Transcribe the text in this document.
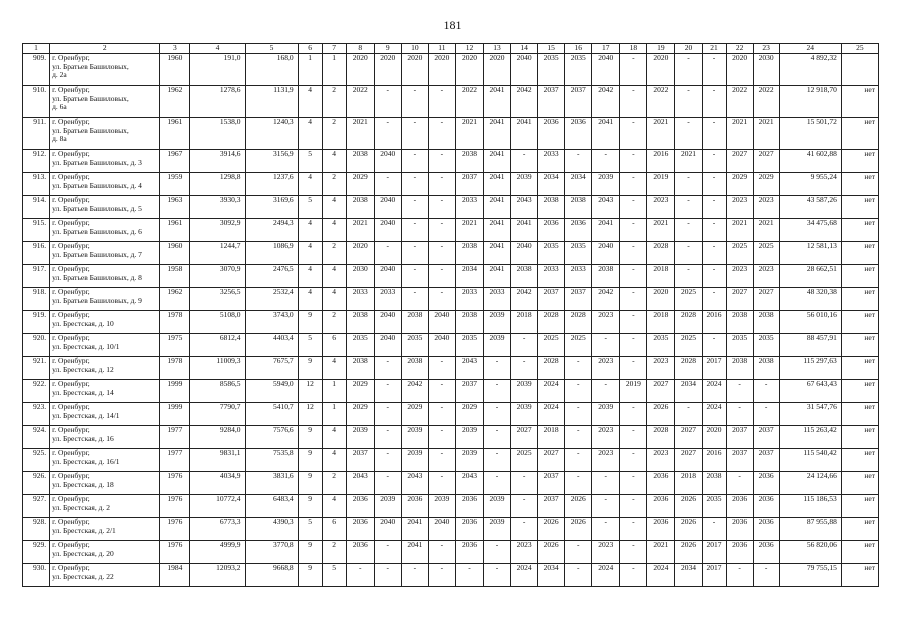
181
1	2	3	4	5	6	7	8	9	10	11	12	13	14	15	16	17	18	19	20	21	22	23	24	25
909.	г. Оренбург,
ул. Братьев Башиловых,
д. 2а	1960	191,0	168,0	1	1	2020	2020	2020	2020	2020	2020	2040	2035	2035	2040	-	2020	-	-	2020	2030	4 892,32	
910.	г. Оренбург,
ул. Братьев Башиловых,
д. 6а	1962	1278,6	1131,9	4	2	2022	-	-	-	2022	2041	2042	2037	2037	2042	-	2022	-	-	2022	2022	12 918,70	нет
911.	г. Оренбург,
ул. Братьев Башиловых,
д. 8а	1961	1538,0	1240,3	4	2	2021	-	-	-	2021	2041	2041	2036	2036	2041	-	2021	-	-	2021	2021	15 501,72	нет
912.	г. Оренбург,
ул. Братьев Башиловых, д. 3	1967	3914,6	3156,9	5	4	2038	2040	-	-	2038	2041	-	2033	-	-	-	2016	2021	-	2027	2027	41 602,88	нет
913.	г. Оренбург,
ул. Братьев Башиловых, д. 4	1959	1298,8	1237,6	4	2	2029	-	-	-	2037	2041	2039	2034	2034	2039	-	2019	-	-	2029	2029	9 955,24	нет
914.	г. Оренбург,
ул. Братьев Башиловых, д. 5	1963	3930,3	3169,6	5	4	2038	2040	-	-	2033	2041	2043	2038	2038	2043	-	2023	-	-	2023	2023	43 587,26	нет
915.	г. Оренбург,
ул. Братьев Башиловых, д. 6	1961	3092,9	2494,3	4	4	2021	2040	-	-	2021	2041	2041	2036	2036	2041	-	2021	-	-	2021	2021	34 475,68	нет
916.	г. Оренбург,
ул. Братьев Башиловых, д. 7	1960	1244,7	1086,9	4	2	2020	-	-	-	2038	2041	2040	2035	2035	2040	-	2028	-	-	2025	2025	12 581,13	нет
917.	г. Оренбург,
ул. Братьев Башиловых, д. 8	1958	3070,9	2476,5	4	4	2030	2040	-	-	2034	2041	2038	2033	2033	2038	-	2018	-	-	2023	2023	28 662,51	нет
918.	г. Оренбург,
ул. Братьев Башиловых, д. 9	1962	3256,5	2532,4	4	4	2033	2033	-	-	2033	2033	2042	2037	2037	2042	-	2020	2025	-	2027	2027	48 320,38	нет
919.	г. Оренбург,
ул. Брестская, д. 10	1978	5108,0	3743,0	9	2	2038	2040	2038	2040	2038	2039	2018	2028	2028	2023	-	2018	2028	2016	2038	2038	56 010,16	нет
920.	г. Оренбург,
ул. Брестская, д. 10/1	1975	6812,4	4403,4	5	6	2035	2040	2035	2040	2035	2039	-	2025	2025	-	-	2035	2025	-	2035	2035	88 457,91	нет
921.	г. Оренбург,
ул. Брестская, д. 12	1978	11009,3	7675,7	9	4	2038	-	2038	-	2043	-	-	2028	-	2023	-	2023	2028	2017	2038	2038	115 297,63	нет
922.	г. Оренбург,
ул. Брестская, д. 14	1999	8586,5	5949,0	12	1	2029	-	2042	-	2037	-	2039	2024	-	-	2019	2027	2034	2024	-	-	67 643,43	нет
923.	г. Оренбург,
ул. Брестская, д. 14/1	1999	7790,7	5410,7	12	1	2029	-	2029	-	2029	-	2039	2024	-	2039	-	2026	-	2024	-	-	31 547,76	нет
924.	г. Оренбург,
ул. Брестская, д. 16	1977	9284,0	7576,6	9	4	2039	-	2039	-	2039	-	2027	2018	-	2023	-	2028	2027	2020	2037	2037	115 263,42	нет
925.	г. Оренбург,
ул. Брестская, д. 16/1	1977	9831,1	7535,8	9	4	2037	-	2039	-	2039	-	2025	2027	-	2023	-	2023	2027	2016	2037	2037	115 540,42	нет
926.	г. Оренбург,
ул. Брестская, д. 18	1976	4034,9	3831,6	9	2	2043	-	2043	-	2043	-	-	2037	-	-	-	2036	2018	2038	-	2036	24 124,66	нет
927.	г. Оренбург,
ул. Брестская, д. 2	1976	10772,4	6483,4	9	4	2036	2039	2036	2039	2036	2039	-	2037	2026	-	-	2036	2026	2035	2036	2036	115 186,53	нет
928.	г. Оренбург,
ул. Брестская, д. 2/1	1976	6773,3	4390,3	5	6	2036	2040	2041	2040	2036	2039	-	2026	2026	-	-	2036	2026	-	2036	2036	87 955,88	нет
929.	г. Оренбург,
ул. Брестская, д. 20	1976	4999,9	3770,8	9	2	2036	-	2041	-	2036	-	2023	2026	-	2023	-	2021	2026	2017	2036	2036	56 820,06	нет
930.	г. Оренбург,
ул. Брестская, д. 22	1984	12093,2	9668,8	9	5	-	-	-	-	-	-	2024	2034	-	2024	-	2024	2034	2017	-	-	79 755,15	нет
